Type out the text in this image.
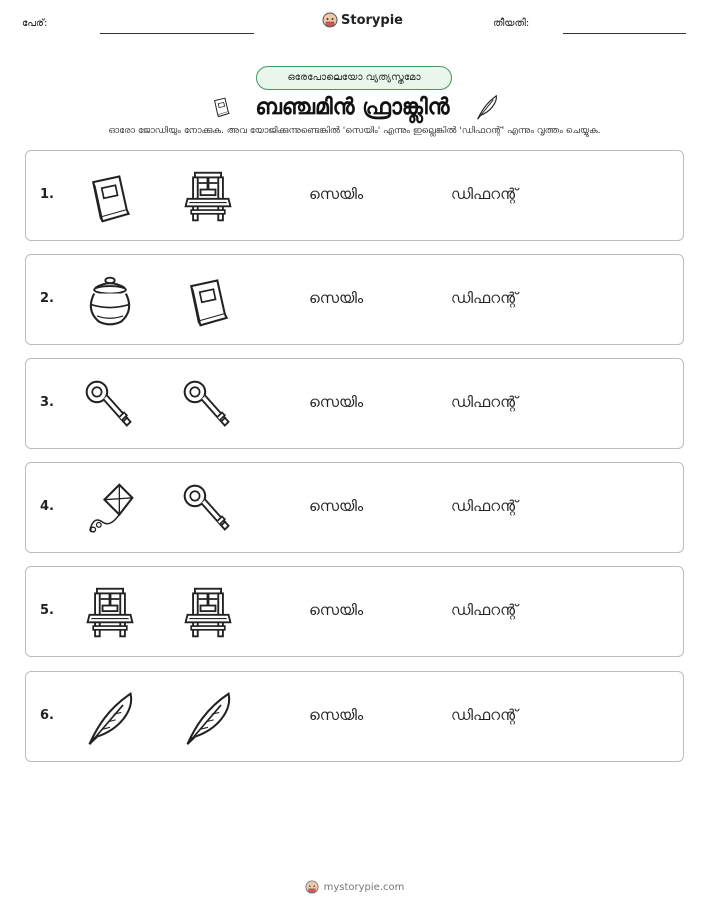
പേര്:	Storypie	തീയതി:
ഒരേപോലെയോ വ്യത്യസ്തമോ
ബഞ്ചമിൻ ഫ്രാങ്ക്ലിൻ
ഓരോ ജോഡിയും നോക്കുക. അവ യോജിക്കുന്നുണ്ടെങ്കിൽ 'സെയിം' എന്നും ഇല്ലെങ്കിൽ 'ഡിഫറന്റ്' എന്നും വൃത്തം ചെയ്യുക.
1.	സെയിം	ഡിഫറന്റ്
2.	സെയിം	ഡിഫറന്റ്
3.	സെയിം	ഡിഫറന്റ്
4.	സെയിം	ഡിഫറന്റ്
5.	സെയിം	ഡിഫറന്റ്
6.	സെയിം	ഡിഫറന്റ്
mystorypie.com
